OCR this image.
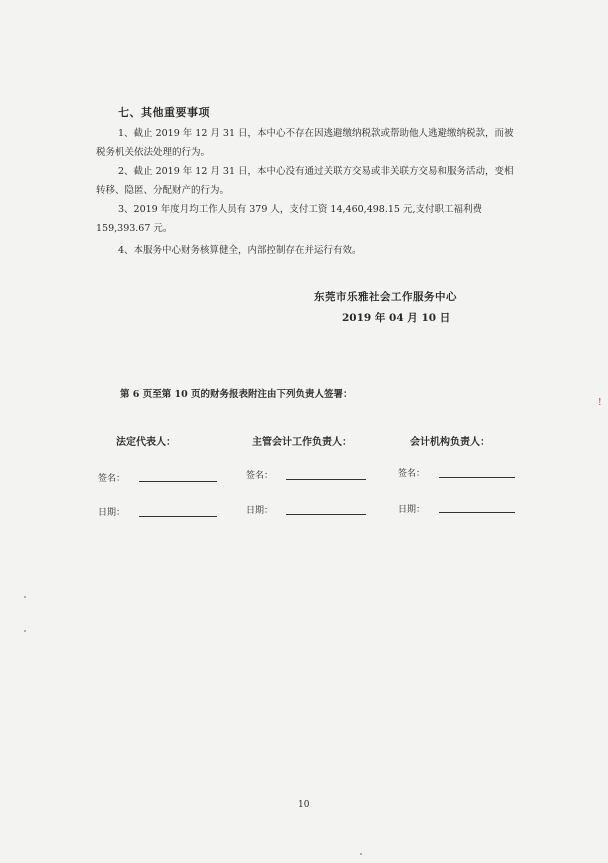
七、其他重要事项
1、截止 2019 年 12 月 31 日，本中心不存在因逃避缴纳税款或帮助他人逃避缴纳税款，而被税务机关依法处理的行为。
2、截止 2019 年 12 月 31 日，本中心没有通过关联方交易或非关联方交易和服务活动，变相转移、隐匿、分配财产的行为。
3、2019 年度月均工作人员有 379 人，支付工资 14,460,498.15 元,支付职工福利费 159,393.67 元。
4、本服务中心财务核算健全，内部控制存在并运行有效。
东莞市乐雅社会工作服务中心
2019 年 04 月 10 日
第 6 页至第 10 页的财务报表附注由下列负责人签署：
法定代表人：	主管会计工作负责人：	会计机构负责人：
签名：	签名：	签名：
日期：	日期：	日期：
10
!
